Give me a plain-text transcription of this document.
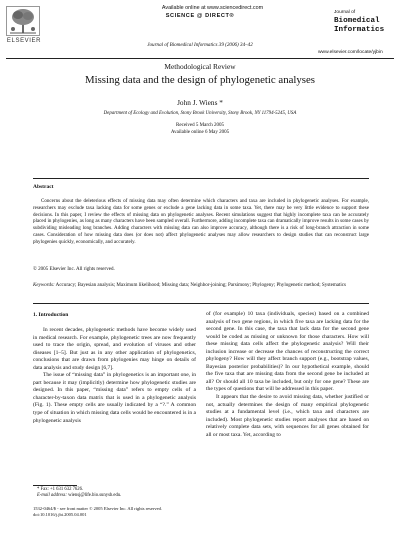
Available online at www.sciencedirect.com
SCIENCE @ DIRECT®
ELSEVIER
Journal of Biomedical Informatics 39 (2006) 34–42
Journal of
Biomedical
Informatics
www.elsevier.com/locate/yjbin
Methodological Review
Missing data and the design of phylogenetic analyses
John J. Wiens *
Department of Ecology and Evolution, Stony Brook University, Stony Brook, NY 11794-5245, USA
Received 5 March 2005
Available online 6 May 2005
Abstract
Concerns about the deleterious effects of missing data may often determine which characters and taxa are included in phylogenetic analyses. For example, researchers may exclude taxa lacking data for some genes or exclude a gene lacking data in some taxa. Yet, there may be very little evidence to support these decisions. In this paper, I review the effects of missing data on phylogenetic analyses. Recent simulations suggest that highly incomplete taxa can be accurately placed in phylogenies, as long as many characters have been sampled overall. Furthermore, adding incomplete taxa can dramatically improve results in some cases by subdividing misleading long branches. Adding characters with missing data can also improve accuracy, although there is a risk of long-branch attraction in some cases. Consideration of how missing data does (or does not) affect phylogenetic analyses may allow researchers to design studies that can reconstruct large phylogenies quickly, economically, and accurately.
© 2005 Elsevier Inc. All rights reserved.
Keywords: Accuracy; Bayesian analysis; Maximum likelihood; Missing data; Neighbor-joining; Parsimony; Phylogeny; Phylogenetic method; Systematics
1. Introduction

In recent decades, phylogenetic methods have become widely used in medical research. For example, phylogenetic trees are now frequently used to trace the origin, spread, and evolution of viruses and other diseases [1–5]. But just as in any other application of phylogenetics, conclusions that are drawn from phylogenies may hinge on details of data analysis and study design [6,7].

The issue of “missing data” in phylogenetics is an important one, in part because it may (implicitly) determine how phylogenetic studies are designed. In this paper, “missing data” refers to empty cells of a character-by-taxon data matrix that is used in a phylogenetic analysis (Fig. 1). These empty cells are usually indicated by a “?.” A common type of situation in which missing data cells would be encountered is in a phylogenetic analysis

of (for example) 10 taxa (individuals, species) based on a combined analysis of two gene regions, in which five taxa are lacking data for the second gene. In this case, the taxa that lack data for the second gene would be coded as missing or unknown for those characters. How will these missing data cells affect the phylogenetic analysis? Will their inclusion increase or decrease the chances of reconstructing the correct phylogeny? How will they affect branch support (e.g., bootstrap values, Bayesian posterior probabilities)? In our hypothetical example, should the five taxa that are missing data from the second gene be included at all? Or should all 10 taxa be included, but only for one gene? These are the types of questions that will be addressed in this paper.

It appears that the desire to avoid missing data, whether justified or not, actually determines the design of many empirical phylogenetic studies at a fundamental level (i.e., which taxa and characters are included). Most phylogenetic studies report analyses that are based on relatively complete data sets, with sequences for all genes obtained for all or most taxa. Yet, according to

* Fax: +1 631 632 7626.
E-mail address: wiensj@life.bio.sunysb.edu.
1532-0464/$ - see front matter © 2005 Elsevier Inc. All rights reserved.
doi:10.1016/j.jbi.2005.04.001
